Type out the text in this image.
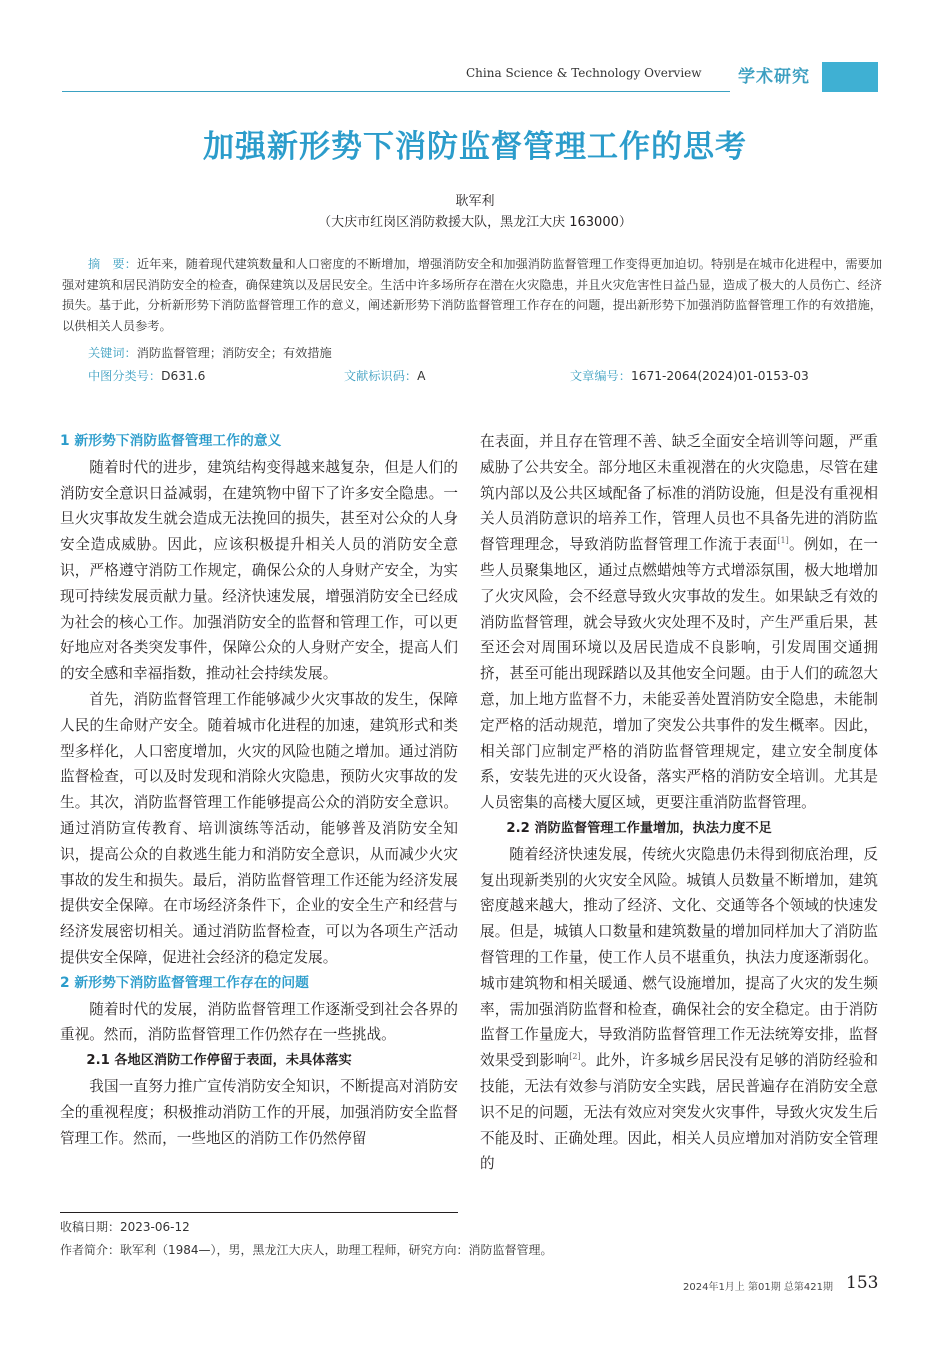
China Science & Technology Overview	学术研究
加强新形势下消防监督管理工作的思考
耿军利
（大庆市红岗区消防救援大队，黑龙江大庆 163000）
摘　要：近年来，随着现代建筑数量和人口密度的不断增加，增强消防安全和加强消防监督管理工作变得更加迫切。特别是在城市化进程中，需要加强对建筑和居民消防安全的检查，确保建筑以及居民安全。生活中许多场所存在潜在火灾隐患，并且火灾危害性日益凸显，造成了极大的人员伤亡、经济损失。基于此，分析新形势下消防监督管理工作的意义，阐述新形势下消防监督管理工作存在的问题，提出新形势下加强消防监督管理工作的有效措施，以供相关人员参考。
关键词：消防监督管理；消防安全；有效措施
中图分类号：D631.6	文献标识码：A	文章编号：1671-2064(2024)01-0153-03
1 新形势下消防监督管理工作的意义

随着时代的进步，建筑结构变得越来越复杂，但是人们的消防安全意识日益减弱，在建筑物中留下了许多安全隐患。一旦火灾事故发生就会造成无法挽回的损失，甚至对公众的人身安全造成威胁。因此，应该积极提升相关人员的消防安全意识，严格遵守消防工作规定，确保公众的人身财产安全，为实现可持续发展贡献力量。经济快速发展，增强消防安全已经成为社会的核心工作。加强消防安全的监督和管理工作，可以更好地应对各类突发事件，保障公众的人身财产安全，提高人们的安全感和幸福指数，推动社会持续发展。

首先，消防监督管理工作能够减少火灾事故的发生，保障人民的生命财产安全。随着城市化进程的加速，建筑形式和类型多样化，人口密度增加，火灾的风险也随之增加。通过消防监督检查，可以及时发现和消除火灾隐患，预防火灾事故的发生。其次，消防监督管理工作能够提高公众的消防安全意识。通过消防宣传教育、培训演练等活动，能够普及消防安全知识，提高公众的自救逃生能力和消防安全意识，从而减少火灾事故的发生和损失。最后，消防监督管理工作还能为经济发展提供安全保障。在市场经济条件下，企业的安全生产和经营与经济发展密切相关。通过消防监督检查，可以为各项生产活动提供安全保障，促进社会经济的稳定发展。

2 新形势下消防监督管理工作存在的问题

随着时代的发展，消防监督管理工作逐渐受到社会各界的重视。然而，消防监督管理工作仍然存在一些挑战。

2.1 各地区消防工作停留于表面，未具体落实

我国一直努力推广宣传消防安全知识，不断提高对消防安全的重视程度；积极推动消防工作的开展，加强消防安全监督管理工作。然而，一些地区的消防工作仍然停留

在表面，并且存在管理不善、缺乏全面安全培训等问题，严重威胁了公共安全。部分地区未重视潜在的火灾隐患，尽管在建筑内部以及公共区域配备了标准的消防设施，但是没有重视相关人员消防意识的培养工作，管理人员也不具备先进的消防监督管理理念，导致消防监督管理工作流于表面[1]。例如，在一些人员聚集地区，通过点燃蜡烛等方式增添氛围，极大地增加了火灾风险，会不经意导致火灾事故的发生。如果缺乏有效的消防监督管理，就会导致火灾处理不及时，产生严重后果，甚至还会对周围环境以及居民造成不良影响，引发周围交通拥挤，甚至可能出现踩踏以及其他安全问题。由于人们的疏忽大意，加上地方监督不力，未能妥善处置消防安全隐患，未能制定严格的活动规范，增加了突发公共事件的发生概率。因此，相关部门应制定严格的消防监督管理规定，建立安全制度体系，安装先进的灭火设备，落实严格的消防安全培训。尤其是人员密集的高楼大厦区域，更要注重消防监督管理。

2.2 消防监督管理工作量增加，执法力度不足

随着经济快速发展，传统火灾隐患仍未得到彻底治理，反复出现新类别的火灾安全风险。城镇人员数量不断增加，建筑密度越来越大，推动了经济、文化、交通等各个领域的快速发展。但是，城镇人口数量和建筑数量的增加同样加大了消防监督管理的工作量，使工作人员不堪重负，执法力度逐渐弱化。城市建筑物和相关暖通、燃气设施增加，提高了火灾的发生频率，需加强消防监督和检查，确保社会的安全稳定。由于消防监督工作量庞大，导致消防监督管理工作无法统筹安排，监督效果受到影响[2]。此外，许多城乡居民没有足够的消防经验和技能，无法有效参与消防安全实践，居民普遍存在消防安全意识不足的问题，无法有效应对突发火灾事件，导致火灾发生后不能及时、正确处理。因此，相关人员应增加对消防安全管理的

收稿日期：2023-06-12
作者简介：耿军利（1984—），男，黑龙江大庆人，助理工程师，研究方向：消防监督管理。
2024年1月上 第01期 总第421期 153
